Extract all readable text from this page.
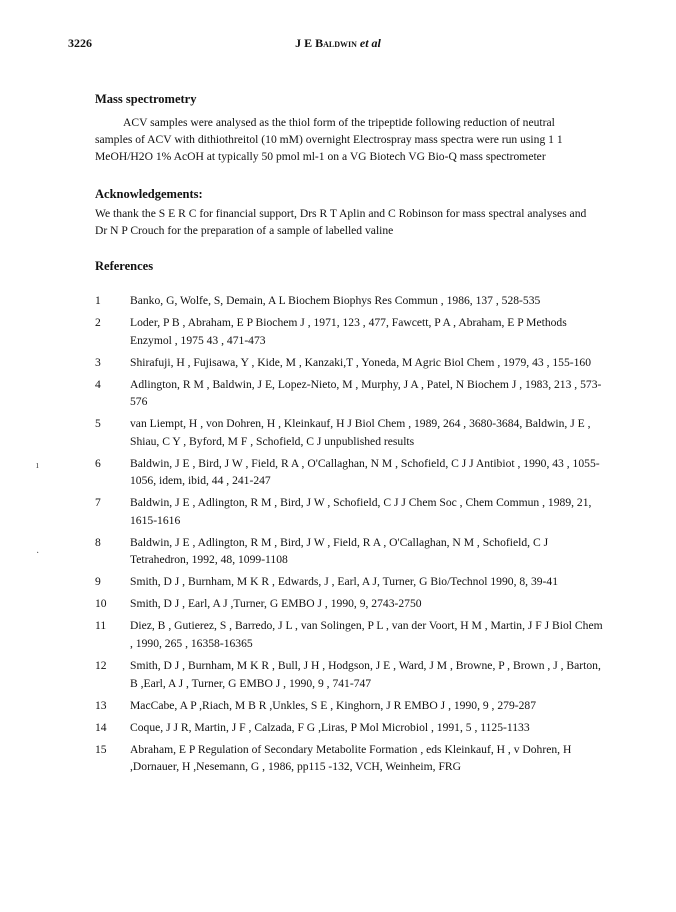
3226	J E Baldwin et al
Mass spectrometry

ACV samples were analysed as the thiol form of the tripeptide following reduction of neutral samples of ACV with dithiothreitol (10 mM) overnight Electrospray mass spectra were run using 1 1 MeOH/H2O 1% AcOH at typically 50 pmol ml-1 on a VG Biotech VG Bio-Q mass spectrometer

Acknowledgements:

We thank the S E R C for financial support, Drs R T Aplin and C Robinson for mass spectral analyses and Dr N P Crouch for the preparation of a sample of labelled valine

References
1	Banko, G, Wolfe, S, Demain, A L Biochem Biophys Res Commun , 1986, 137 , 528-535
2	Loder, P B , Abraham, E P Biochem J , 1971, 123 , 477, Fawcett, P A , Abraham, E P Methods Enzymol , 1975 43 , 471-473
3	Shirafuji, H , Fujisawa, Y , Kide, M , Kanzaki,T , Yoneda, M Agric Biol Chem , 1979, 43 , 155-160
4	Adlington, R M , Baldwin, J E, Lopez-Nieto, M , Murphy, J A , Patel, N Biochem J , 1983, 213 , 573-576
5	van Liempt, H , von Dohren, H , Kleinkauf, H J Biol Chem , 1989, 264 , 3680-3684, Baldwin, J E , Shiau, C Y , Byford, M F , Schofield, C J unpublished results
6	Baldwin, J E , Bird, J W , Field, R A , O'Callaghan, N M , Schofield, C J J Antibiot , 1990, 43 , 1055-1056, idem, ibid, 44 , 241-247
7	Baldwin, J E , Adlington, R M , Bird, J W , Schofield, C J J Chem Soc , Chem Commun , 1989, 21, 1615-1616
8	Baldwin, J E , Adlington, R M , Bird, J W , Field, R A , O'Callaghan, N M , Schofield, C J Tetrahedron, 1992, 48, 1099-1108
9	Smith, D J , Burnham, M K R , Edwards, J , Earl, A J, Turner, G Bio/Technol 1990, 8, 39-41
10	Smith, D J , Earl, A J ,Turner, G EMBO J , 1990, 9, 2743-2750
11	Diez, B , Gutierez, S , Barredo, J L , van Solingen, P L , van der Voort, H M , Martin, J F J Biol Chem , 1990, 265 , 16358-16365
12	Smith, D J , Burnham, M K R , Bull, J H , Hodgson, J E , Ward, J M , Browne, P , Brown , J , Barton, B ,Earl, A J , Turner, G EMBO J , 1990, 9 , 741-747
13	MacCabe, A P ,Riach, M B R ,Unkles, S E , Kinghorn, J R EMBO J , 1990, 9 , 279-287
14	Coque, J J R, Martin, J F , Calzada, F G ,Liras, P Mol Microbiol , 1991, 5 , 1125-1133
15	Abraham, E P Regulation of Secondary Metabolite Formation , eds Kleinkauf, H , v Dohren, H ,Dornauer, H ,Nesemann, G , 1986, pp115 -132, VCH, Weinheim, FRG
ı
·
